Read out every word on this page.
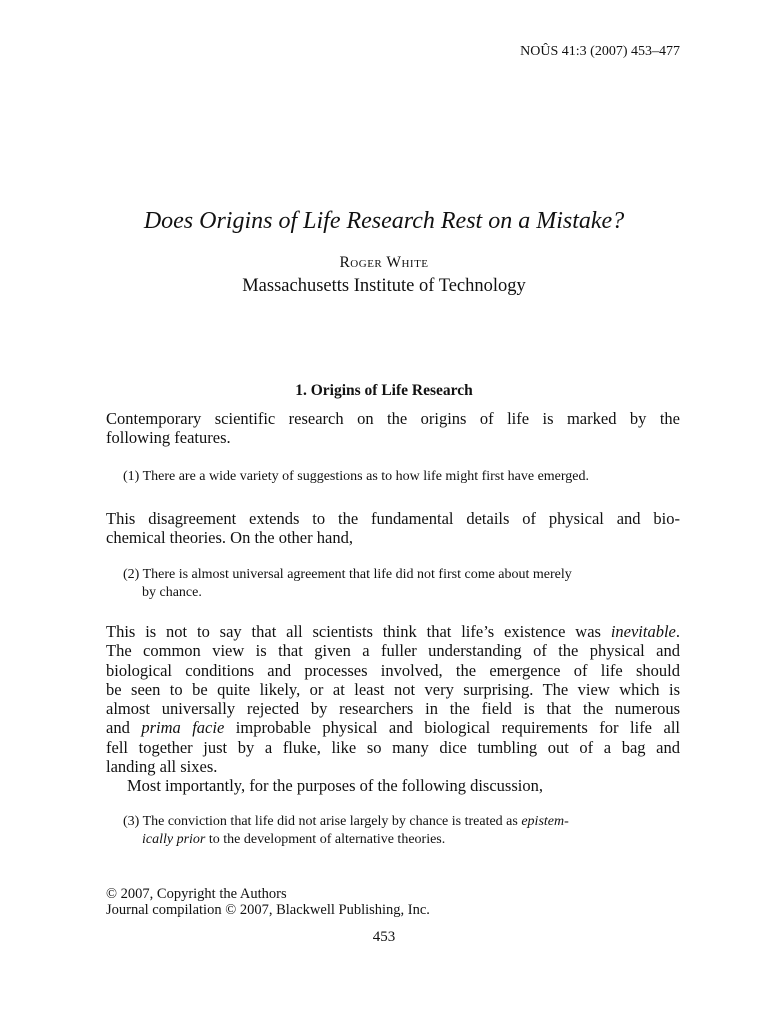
NOÛS 41:3 (2007) 453–477
Does Origins of Life Research Rest on a Mistake?
Roger White
Massachusetts Institute of Technology
1. Origins of Life Research
Contemporary scientific research on the origins of life is marked by the
following features.
(1) There are a wide variety of suggestions as to how life might first have emerged.
This disagreement extends to the fundamental details of physical and bio-
chemical theories. On the other hand,
(2) There is almost universal agreement that life did not first come about merely
by chance.
This is not to say that all scientists think that life’s existence was inevitable.
The common view is that given a fuller understanding of the physical and
biological conditions and processes involved, the emergence of life should
be seen to be quite likely, or at least not very surprising. The view which is
almost universally rejected by researchers in the field is that the numerous
and prima facie improbable physical and biological requirements for life all
fell together just by a fluke, like so many dice tumbling out of a bag and
landing all sixes.
Most importantly, for the purposes of the following discussion,
(3) The conviction that life did not arise largely by chance is treated as epistem-
ically prior to the development of alternative theories.
© 2007, Copyright the Authors
Journal compilation © 2007, Blackwell Publishing, Inc.
453
